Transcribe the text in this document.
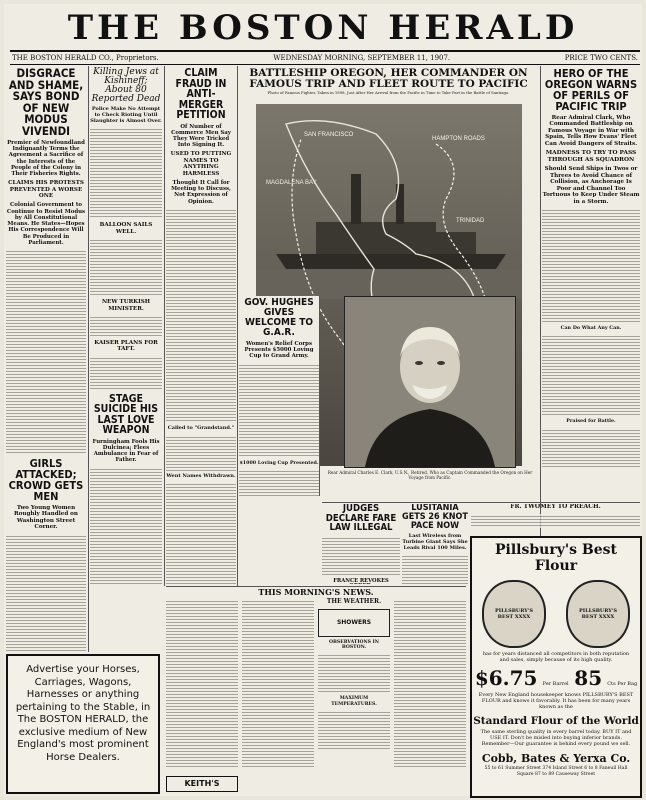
THE BOSTON HERALD
THE BOSTON HERALD CO., Proprietors.	WEDNESDAY MORNING, SEPTEMBER 11, 1907.	PRICE TWO CENTS.
DISGRACE AND SHAME, SAYS BOND OF NEW MODUS VIVENDI
Premier of Newfoundland Indignantly Terms the Agreement a Sacrifice of the Interests of the People of the Colony in Their Fisheries Rights.
CLAIMS HIS PROTESTS PREVENTED A WORSE ONE
Colonial Government to Continue to Resist Modus by All Constitutional Means. He States—Hopes His Correspondence Will Be Produced in Parliament.
GIRLS ATTACKED; CROWD GETS MEN
Two Young Women Roughly Handled on Washington Street Corner.
Killing Jews at Kishineff; About 80 Reported Dead
Police Make No Attempt to Check Rioting Until Slaughter is Almost Over.
BALLOON SAILS WELL.
NEW TURKISH MINISTER.
KAISER PLANS FOR TAFT.
STAGE SUICIDE HIS LAST LOVE WEAPON
Furningham Fools His Dulcinea; Flees Ambulance in Fear of Father.
CLAIM FRAUD IN ANTI-MERGER PETITION
Of Number of Commerce Men Say They Were Tricked Into Signing It.
USED TO PUTTING NAMES TO ANYTHING HARMLESS
Thought It Call for Meeting to Discuss, Not Expression of Opinion.
Called to "Grandstand."
Went Names Withdrawn.
BATTLESHIP OREGON, HER COMMANDER ON FAMOUS TRIP AND FLEET ROUTE TO PACIFIC
Photo of Famous Fighter, Taken in 1898, Just After Her Arrival from the Pacific in Time to Take Part in the Battle of Santiago.
SAN FRANCISCO
HAMPTON ROADS
MAGDALENA BAY
TRINIDAD
GOV. HUGHES GIVES WELCOME TO G.A.R.
Women's Relief Corps Presents $5000 Loving Cup to Grand Army.
$1000 Loving Cup Presented.
Rear Admiral Charles E. Clark, U.S.N., Retired, Who as Captain Commanded the Oregon on Her Voyage from Pacific.
HERO OF THE OREGON WARNS OF PERILS OF PACIFIC TRIP
Rear Admiral Clark, Who Commanded Battleship on Famous Voyage in War with Spain, Tells How Evans' Fleet Can Avoid Dangers of Straits.
MADNESS TO TRY TO PASS THROUGH AS SQUADRON
Should Send Ships in Twos or Threes to Avoid Chance of Collision, as Anchorage Is Poor and Channel Too Tortuous to Keep Under Steam in a Storm.
Can Do What Any Can.
Praised for Battle.
JUDGES DECLARE FARE LAW ILLEGAL
FRANCE REVOKES
LUSITANIA GETS 26 KNOT PACE NOW
Last Wireless from Turbine Giant Says She Leads Rival 100 Miles.
FR. TWOMEY TO PREACH.
THIS MORNING'S NEWS.
THE WEATHER.
SHOWERS
OBSERVATIONS IN BOSTON.
MAXIMUM TEMPERATURES.
KEITH'S
Advertise your Horses, Carriages, Wagons, Harnesses or anything pertaining to the Stable, in The BOSTON HERALD, the exclusive medium of New England's most prominent Horse Dealers.
Pillsbury's Best Flour
PILLSBURY'S BEST XXXX
PILLSBURY'S BEST XXXX
has for years distanced all competitors in both reputation and sales, simply because of its high quality.
$6.75 Per Barrel 85 Cts Per Bag
Every New England housekeeper knows PILLSBURY'S BEST FLOUR and knows it favorably. It has been for many years known as the
Standard Flour of the World
The same sterling quality in every barrel today. BUY IT and USE IT. Don't be misled into buying inferior brands. Remember—Our guarantee is behind every pound we sell.
Cobb, Bates & Yerxa Co.
55 to 61 Summer Street 374 Island Street 6 to 8 Faneuil Hall Square 87 to 89 Causeway Street
